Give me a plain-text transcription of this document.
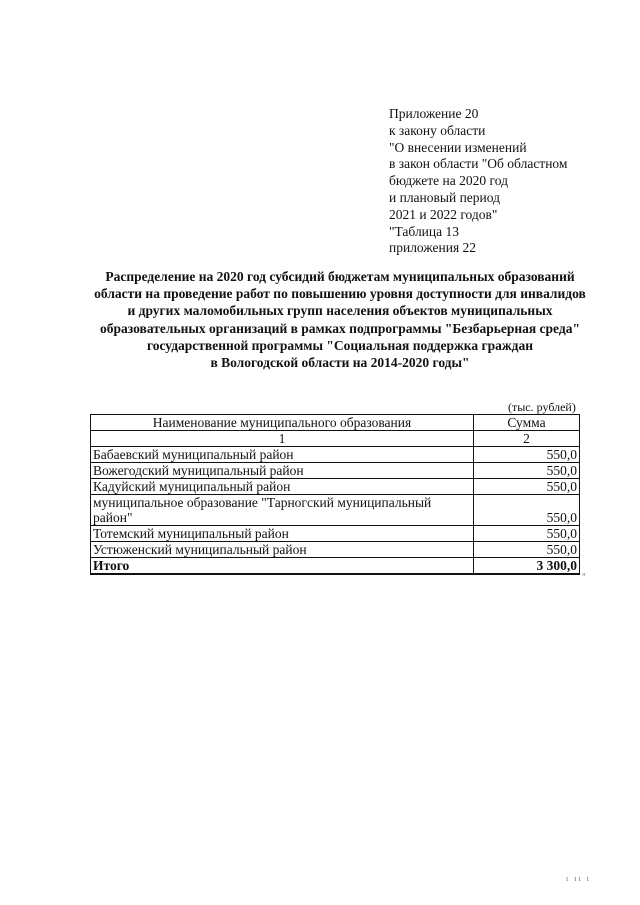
Приложение 20
к закону области
"О внесении изменений
в закон области "Об областном
бюджете на 2020 год
и плановый период
2021 и 2022 годов"
"Таблица 13
приложения 22
Распределение на 2020 год субсидий бюджетам муниципальных образований
области на проведение работ по повышению уровня доступности для инвалидов
и других маломобильных групп населения объектов муниципальных
образовательных организаций в рамках подпрограммы "Безбарьерная среда"
государственной программы "Социальная поддержка граждан
в Вологодской области на 2014-2020 годы"
(тыс. рублей)
Наименование муниципального образования	Сумма
1	2
Бабаевский муниципальный район	550,0
Вожегодский муниципальный район	550,0
Кадуйский муниципальный район	550,0
муниципальное образование "Тарногский муниципальный район"	550,0
Тотемский муниципальный район	550,0
Устюженский муниципальный район	550,0
Итого	3 300,0
"
ı ıı ı
